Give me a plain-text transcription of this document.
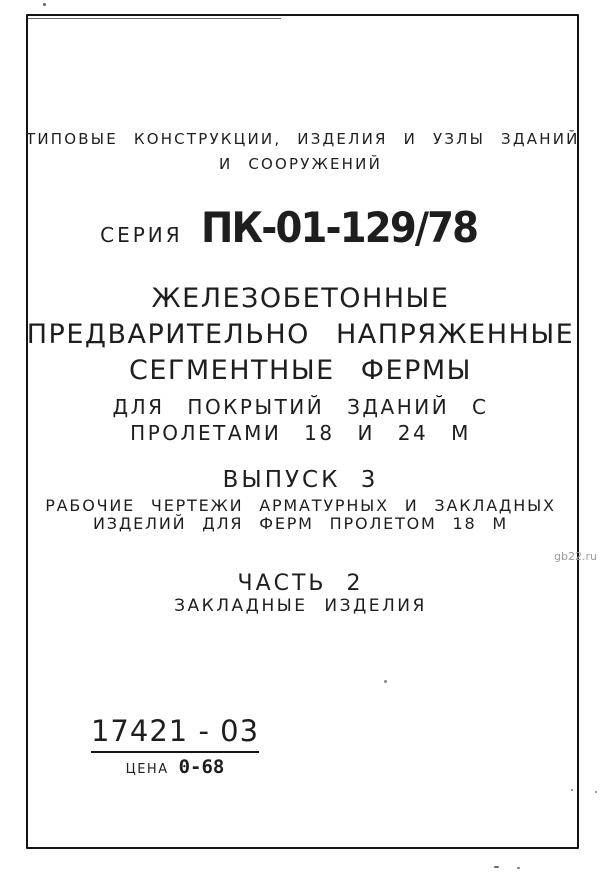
ТИПОВЫЕ КОНСТРУКЦИИ, ИЗДЕЛИЯ И УЗЛЫ ЗДАНИЙ
И СООРУЖЕНИЙ
СЕРИЯ ПК-01-129/78
ЖЕЛЕЗОБЕТОННЫЕ
ПРЕДВАРИТЕЛЬНО НАПРЯЖЕННЫЕ
СЕГМЕНТНЫЕ ФЕРМЫ
ДЛЯ ПОКРЫТИЙ ЗДАНИЙ С
ПРОЛЕТАМИ 18 И 24 М
ВЫПУСК 3
РАБОЧИЕ ЧЕРТЕЖИ АРМАТУРНЫХ И ЗАКЛАДНЫХ
ИЗДЕЛИЙ ДЛЯ ФЕРМ ПРОЛЕТОМ 18 М
ЧАСТЬ 2
ЗАКЛАДНЫЕ ИЗДЕЛИЯ
17421 - 03
ЦЕНА 0-68
gb22.ru
